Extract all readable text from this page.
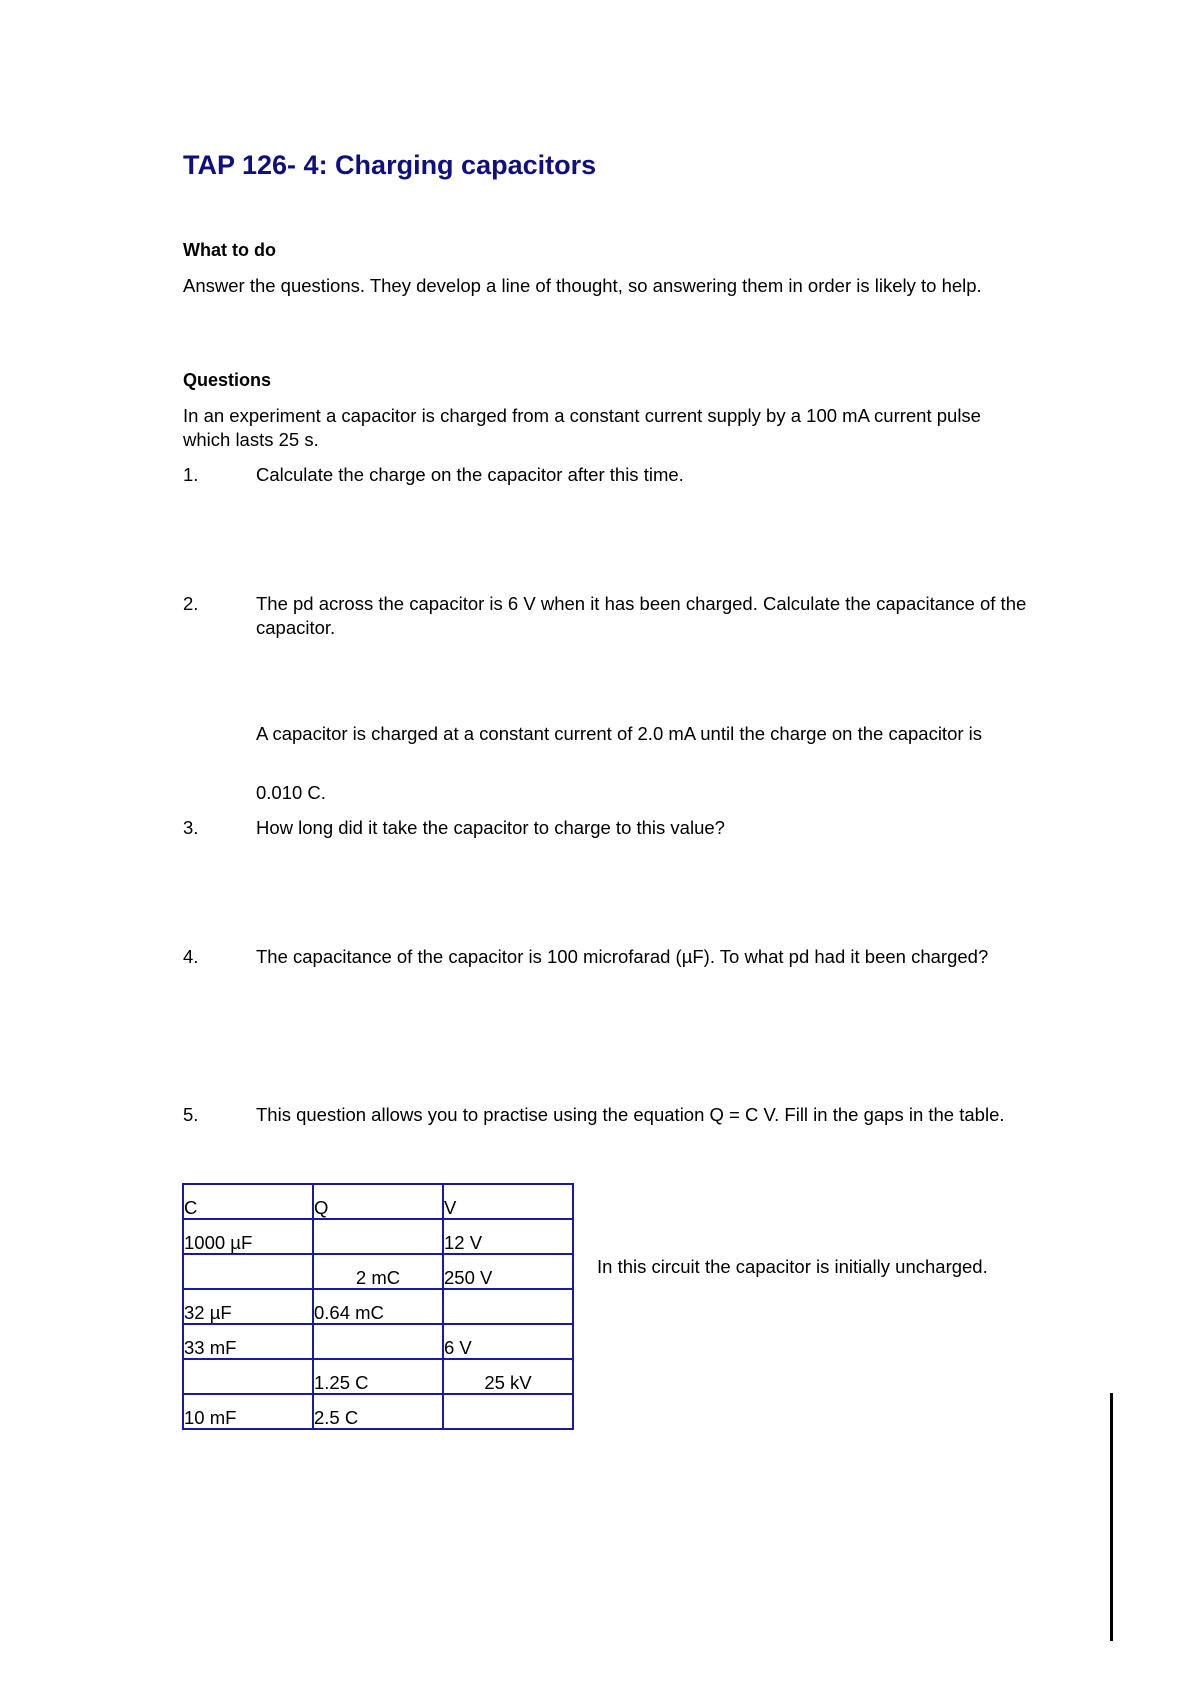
TAP 126- 4: Charging capacitors
What to do
Answer the questions. They develop a line of thought, so answering them in order is likely to help.
Questions
In an experiment a capacitor is charged from a constant current supply by a 100 mA current pulse which lasts 25 s.
1.	Calculate the charge on the capacitor after this time.
2.	The pd across the capacitor is 6 V when it has been charged. Calculate the capacitance of the capacitor.
A capacitor is charged at a constant current of 2.0 mA until the charge on the capacitor is
0.010 C.
3.	How long did it take the capacitor to charge to this value?
4.	The capacitance of the capacitor is 100 microfarad (µF). To what pd had it been charged?
5.	This question allows you to practise using the equation Q = C V. Fill in the gaps in the table.
C	Q	V
1000 µF		12 V
	2 mC	250 V
32 µF	0.64 mC	
33 mF		6 V
	1.25 C	25 kV
10 mF	2.5 C	
In this circuit the capacitor is initially uncharged.
